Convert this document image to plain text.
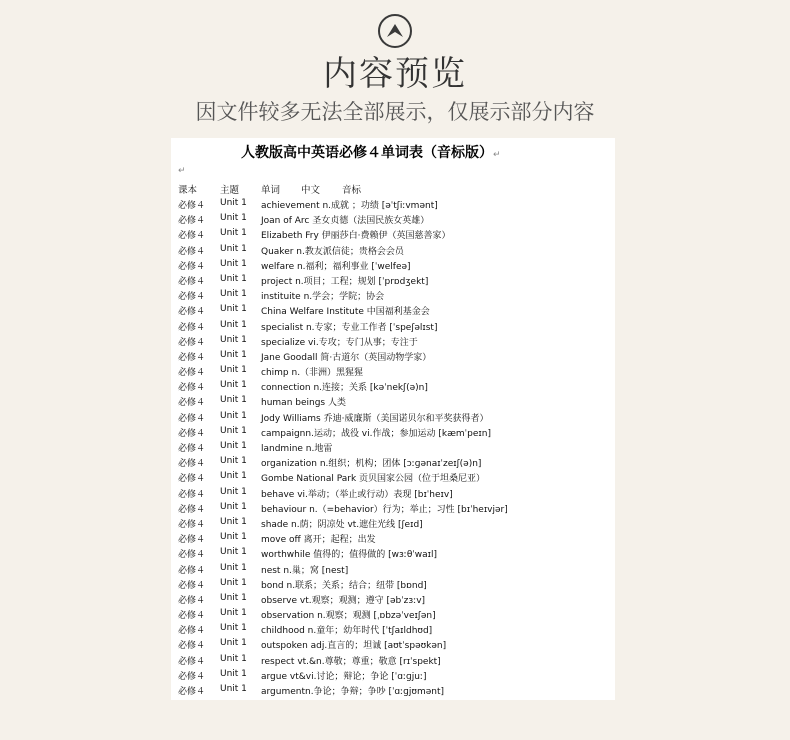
内容预览
因文件较多无法全部展示，仅展示部分内容
人教版高中英语必修４单词表（音标版）↵
↵
课本 主题 单词 中文 音标
必修４ Unit 1 achievement n.成就 ；功绩 [əˈtʃiːvmənt]
必修４ Unit 1 Joan of Arc 圣女贞德（法国民族女英雄）
必修４ Unit 1 Elizabeth Fry 伊丽莎白·费赖伊（英国慈善家）
必修４ Unit 1 Quaker n.教友派信徒；贵格会会员
必修４ Unit 1 welfare n.福利；福利事业 [ˈwelfeə]
必修４ Unit 1 project n.项目；工程；规划 [ˈprɒdʒekt]
必修４ Unit 1 instituite n.学会；学院；协会
必修４ Unit 1 China Welfare Institute 中国福利基金会
必修４ Unit 1 specialist n.专家；专业工作者 [ˈspeʃəlɪst]
必修４ Unit 1 specialize vi.专攻；专门从事；专注于
必修４ Unit 1 Jane Goodall 简·古道尔（英国动物学家）
必修４ Unit 1 chimp n.（非洲）黑猩猩
必修４ Unit 1 connection n.连接；关系 [kəˈnekʃ(ə)n]
必修４ Unit 1 human beings 人类
必修４ Unit 1 Jody Williams 乔迪·威廉斯（美国诺贝尔和平奖获得者）
必修４ Unit 1 campaignn.运动；战役 vi.作战；参加运动 [kæmˈpeɪn]
必修４ Unit 1 landmine n.地雷
必修４ Unit 1 organization n.组织；机构；团体 [ɔːɡənaɪˈzeɪʃ(ə)n]
必修４ Unit 1 Gombe National Park 贡贝国家公园（位于坦桑尼亚）
必修４ Unit 1 behave vi.举动；（举止或行动）表现 [bɪˈheɪv]
必修４ Unit 1 behaviour n.（=behavior）行为；举止；习性 [bɪˈheɪvjər]
必修４ Unit 1 shade n.荫；阴凉处 vt.遮住光线 [ʃeɪd]
必修４ Unit 1 move off 离开；起程；出发
必修４ Unit 1 worthwhile 值得的；值得做的 [wɜːθˈwaɪl]
必修４ Unit 1 nest n.巢；窝 [nest]
必修４ Unit 1 bond n.联系；关系；结合；纽带 [bɒnd]
必修４ Unit 1 observe vt.观察；观测；遵守 [əbˈzɜːv]
必修４ Unit 1 observation n.观察；观测 [ˌɒbzəˈveɪʃən]
必修４ Unit 1 childhood n.童年；幼年时代 [ˈtʃaɪldhʊd]
必修４ Unit 1 outspoken adj.直言的；坦诚 [aʊtˈspəʊkən]
必修４ Unit 1 respect vt.&n.尊敬；尊重；敬意 [rɪˈspekt]
必修４ Unit 1 argue vt&vi.讨论；辩论；争论 [ˈɑːɡjuː]
必修４ Unit 1 argumentn.争论；争辩；争吵 [ˈɑːɡjʊmənt]
